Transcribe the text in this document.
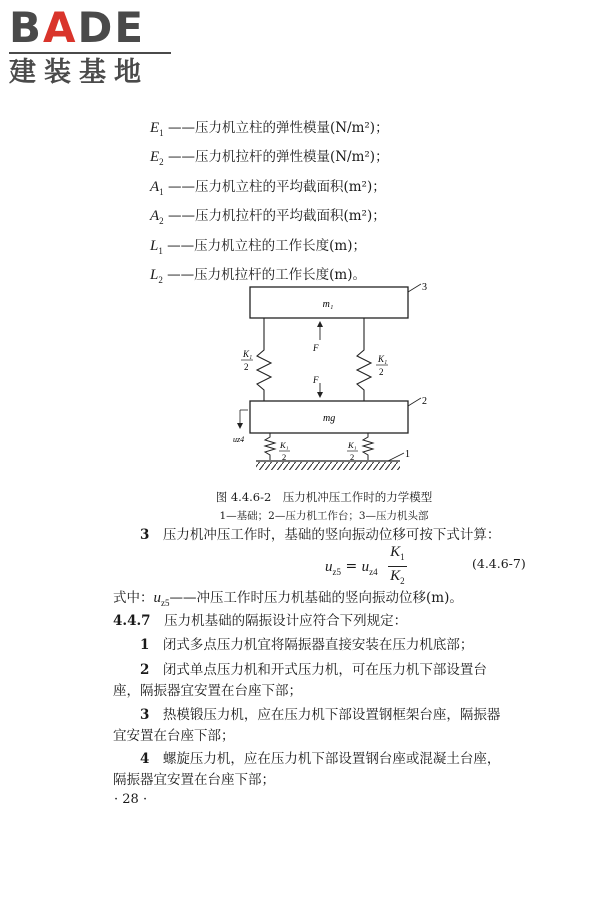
BADE
建装基地
$E_1$ ——压力机立柱的弹性模量(N/m²)；
$E_2$ ——压力机拉杆的弹性模量(N/m²)；
$A_1$ ——压力机立柱的平均截面积(m²)；
$A_2$ ——压力机拉杆的平均截面积(m²)；
$L_1$ ——压力机立柱的工作长度(m)；
$L_2$ ——压力机拉杆的工作长度(m)。
m₁
3
K₁
2
K₁
2
F
F
mg
2
uz4
K₁
2
K₁
2	1
图 4.4.6-2　压力机冲压工作时的力学模型
1—基础；2—压力机工作台；3—压力机头部
3　 压力机冲压工作时，基础的竖向振动位移可按下式计算：
$u_{z5} = u_{z4} \frac{K_1}{K_2}$	(4.4.6-7)
式中：$u_{z5}——$冲压工作时压力机基础的竖向振动位移(m)。
4.4.7　 压力机基础的隔振设计应符合下列规定：
1　 闭式多点压力机宜将隔振器直接安装在压力机底部；
2　 闭式单点压力机和开式压力机，可在压力机下部设置台
座，隔振器宜安置在台座下部；
3　 热模锻压力机，应在压力机下部设置钢框架台座，隔振器
宜安置在台座下部；
4　 螺旋压力机，应在压力机下部设置钢台座或混凝土台座，
隔振器宜安置在台座下部；
· 28 ·
